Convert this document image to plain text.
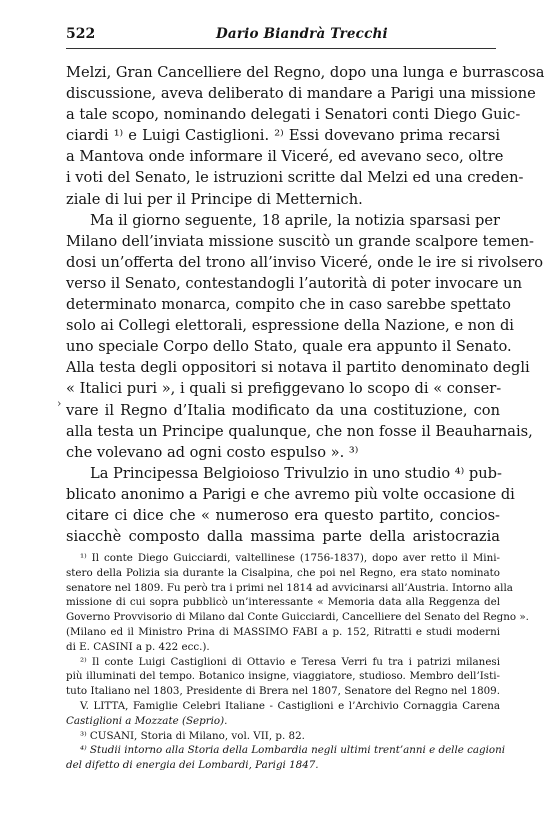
522	Dario Biandrà Trecchi
›
Melzi, Gran Cancelliere del Regno, dopo una lunga e burrascosa
discussione, aveva deliberato di mandare a Parigi una missione
a tale scopo, nominando delegati i Senatori conti Diego Guic-
ciardi ¹⁾ e Luigi Castiglioni. ²⁾ Essi dovevano prima recarsi
a Mantova onde informare il Viceré, ed avevano seco, oltre
i voti del Senato, le istruzioni scritte dal Melzi ed una creden-
ziale di lui per il Principe di Metternich.
Ma il giorno seguente, 18 aprile, la notizia sparsasi per
Milano dell’inviata missione suscitò un grande scalpore temen-
dosi un’offerta del trono all’inviso Viceré, onde le ire si rivolsero
verso il Senato, contestandogli l’autorità di poter invocare un
determinato monarca, compito che in caso sarebbe spettato
solo ai Collegi elettorali, espressione della Nazione, e non di
uno speciale Corpo dello Stato, quale era appunto il Senato.
Alla testa degli oppositori si notava il partito denominato degli
« Italici puri », i quali si prefiggevano lo scopo di « conser-
vare il Regno d’Italia modificato da una costituzione, con
alla testa un Principe qualunque, che non fosse il Beauharnais,
che volevano ad ogni costo espulso ». ³⁾
La Principessa Belgioioso Trivulzio in uno studio ⁴⁾ pub-
blicato anonimo a Parigi e che avremo più volte occasione di
citare ci dice che « numeroso era questo partito, concios-
siacchè composto dalla massima parte della aristocrazia
¹⁾ Il conte Diego Guicciardi, valtellinese (1756-1837), dopo aver retto il Mini-
stero della Polizia sia durante la Cisalpina, che poi nel Regno, era stato nominato
senatore nel 1809. Fu però tra i primi nel 1814 ad avvicinarsi all’Austria. Intorno alla
missione di cui sopra pubblicò un’interessante « Memoria data alla Reggenza del
Governo Provvisorio di Milano dal Conte Guicciardi, Cancelliere del Senato del Regno ».
(Milano ed il Ministro Prina di MASSIMO FABI a p. 152, Ritratti e studi moderni
di E. CASINI a p. 422 ecc.).
²⁾ Il conte Luigi Castiglioni di Ottavio e Teresa Verri fu tra i patrizi milanesi
più illuminati del tempo. Botanico insigne, viaggiatore, studioso. Membro dell’Isti-
tuto Italiano nel 1803, Presidente di Brera nel 1807, Senatore del Regno nel 1809.
V. LITTA, Famiglie Celebri Italiane - Castiglioni e l’Archivio Cornaggia Carena
Castiglioni a Mozzate (Seprio).
³⁾ CUSANI, Storia di Milano, vol. VII, p. 82.
⁴⁾ Studii intorno alla Storia della Lombardia negli ultimi trent’anni e delle cagioni
del difetto di energia dei Lombardi, Parigi 1847.
